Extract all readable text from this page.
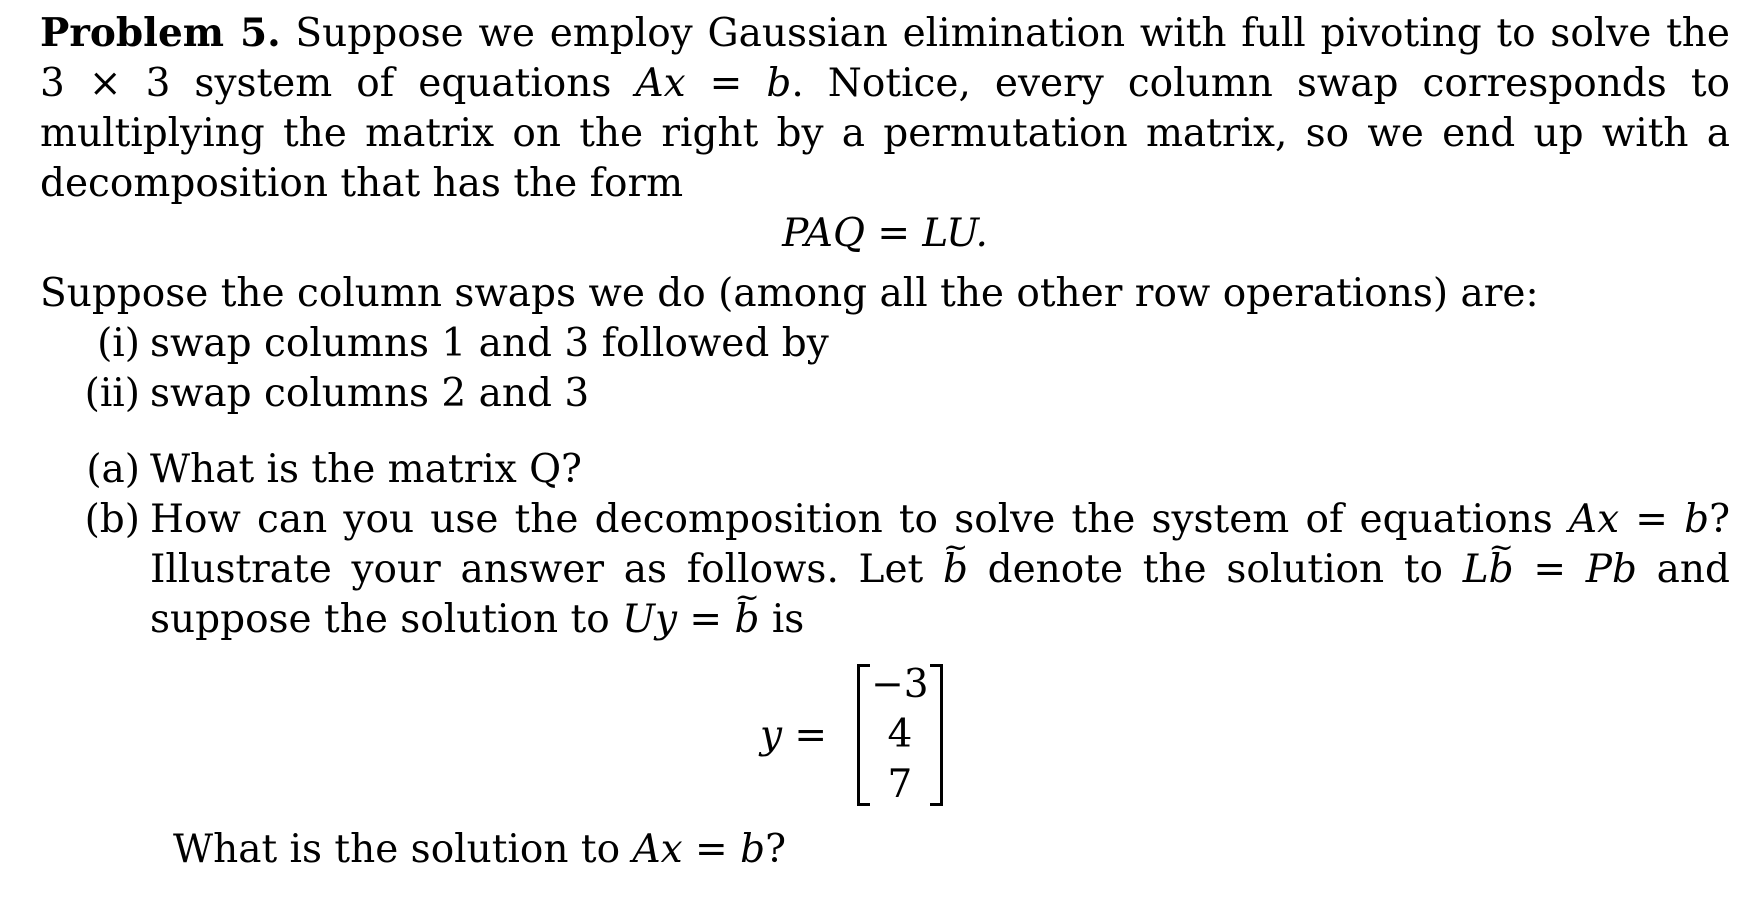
Problem 5. Suppose we employ Gaussian elimination with full pivoting to solve the 3 × 3 system of equations Ax = b. Notice, every column swap corresponds to multiplying the matrix on the right by a permutation matrix, so we end up with a decomposition that has the form

PAQ = LU.

Suppose the column swaps we do (among all the other row operations) are:

(i) swap columns 1 and 3 followed by
(ii) swap columns 2 and 3
(a) What is the matrix Q?
(b) How can you use the decomposition to solve the system of equations Ax = b? Illustrate your answer as follows. Let ~ b denote the solution to L~ b = Pb and suppose the solution to Uy = ~ b is
y =
−3
4
7
What is the solution to Ax = b?
